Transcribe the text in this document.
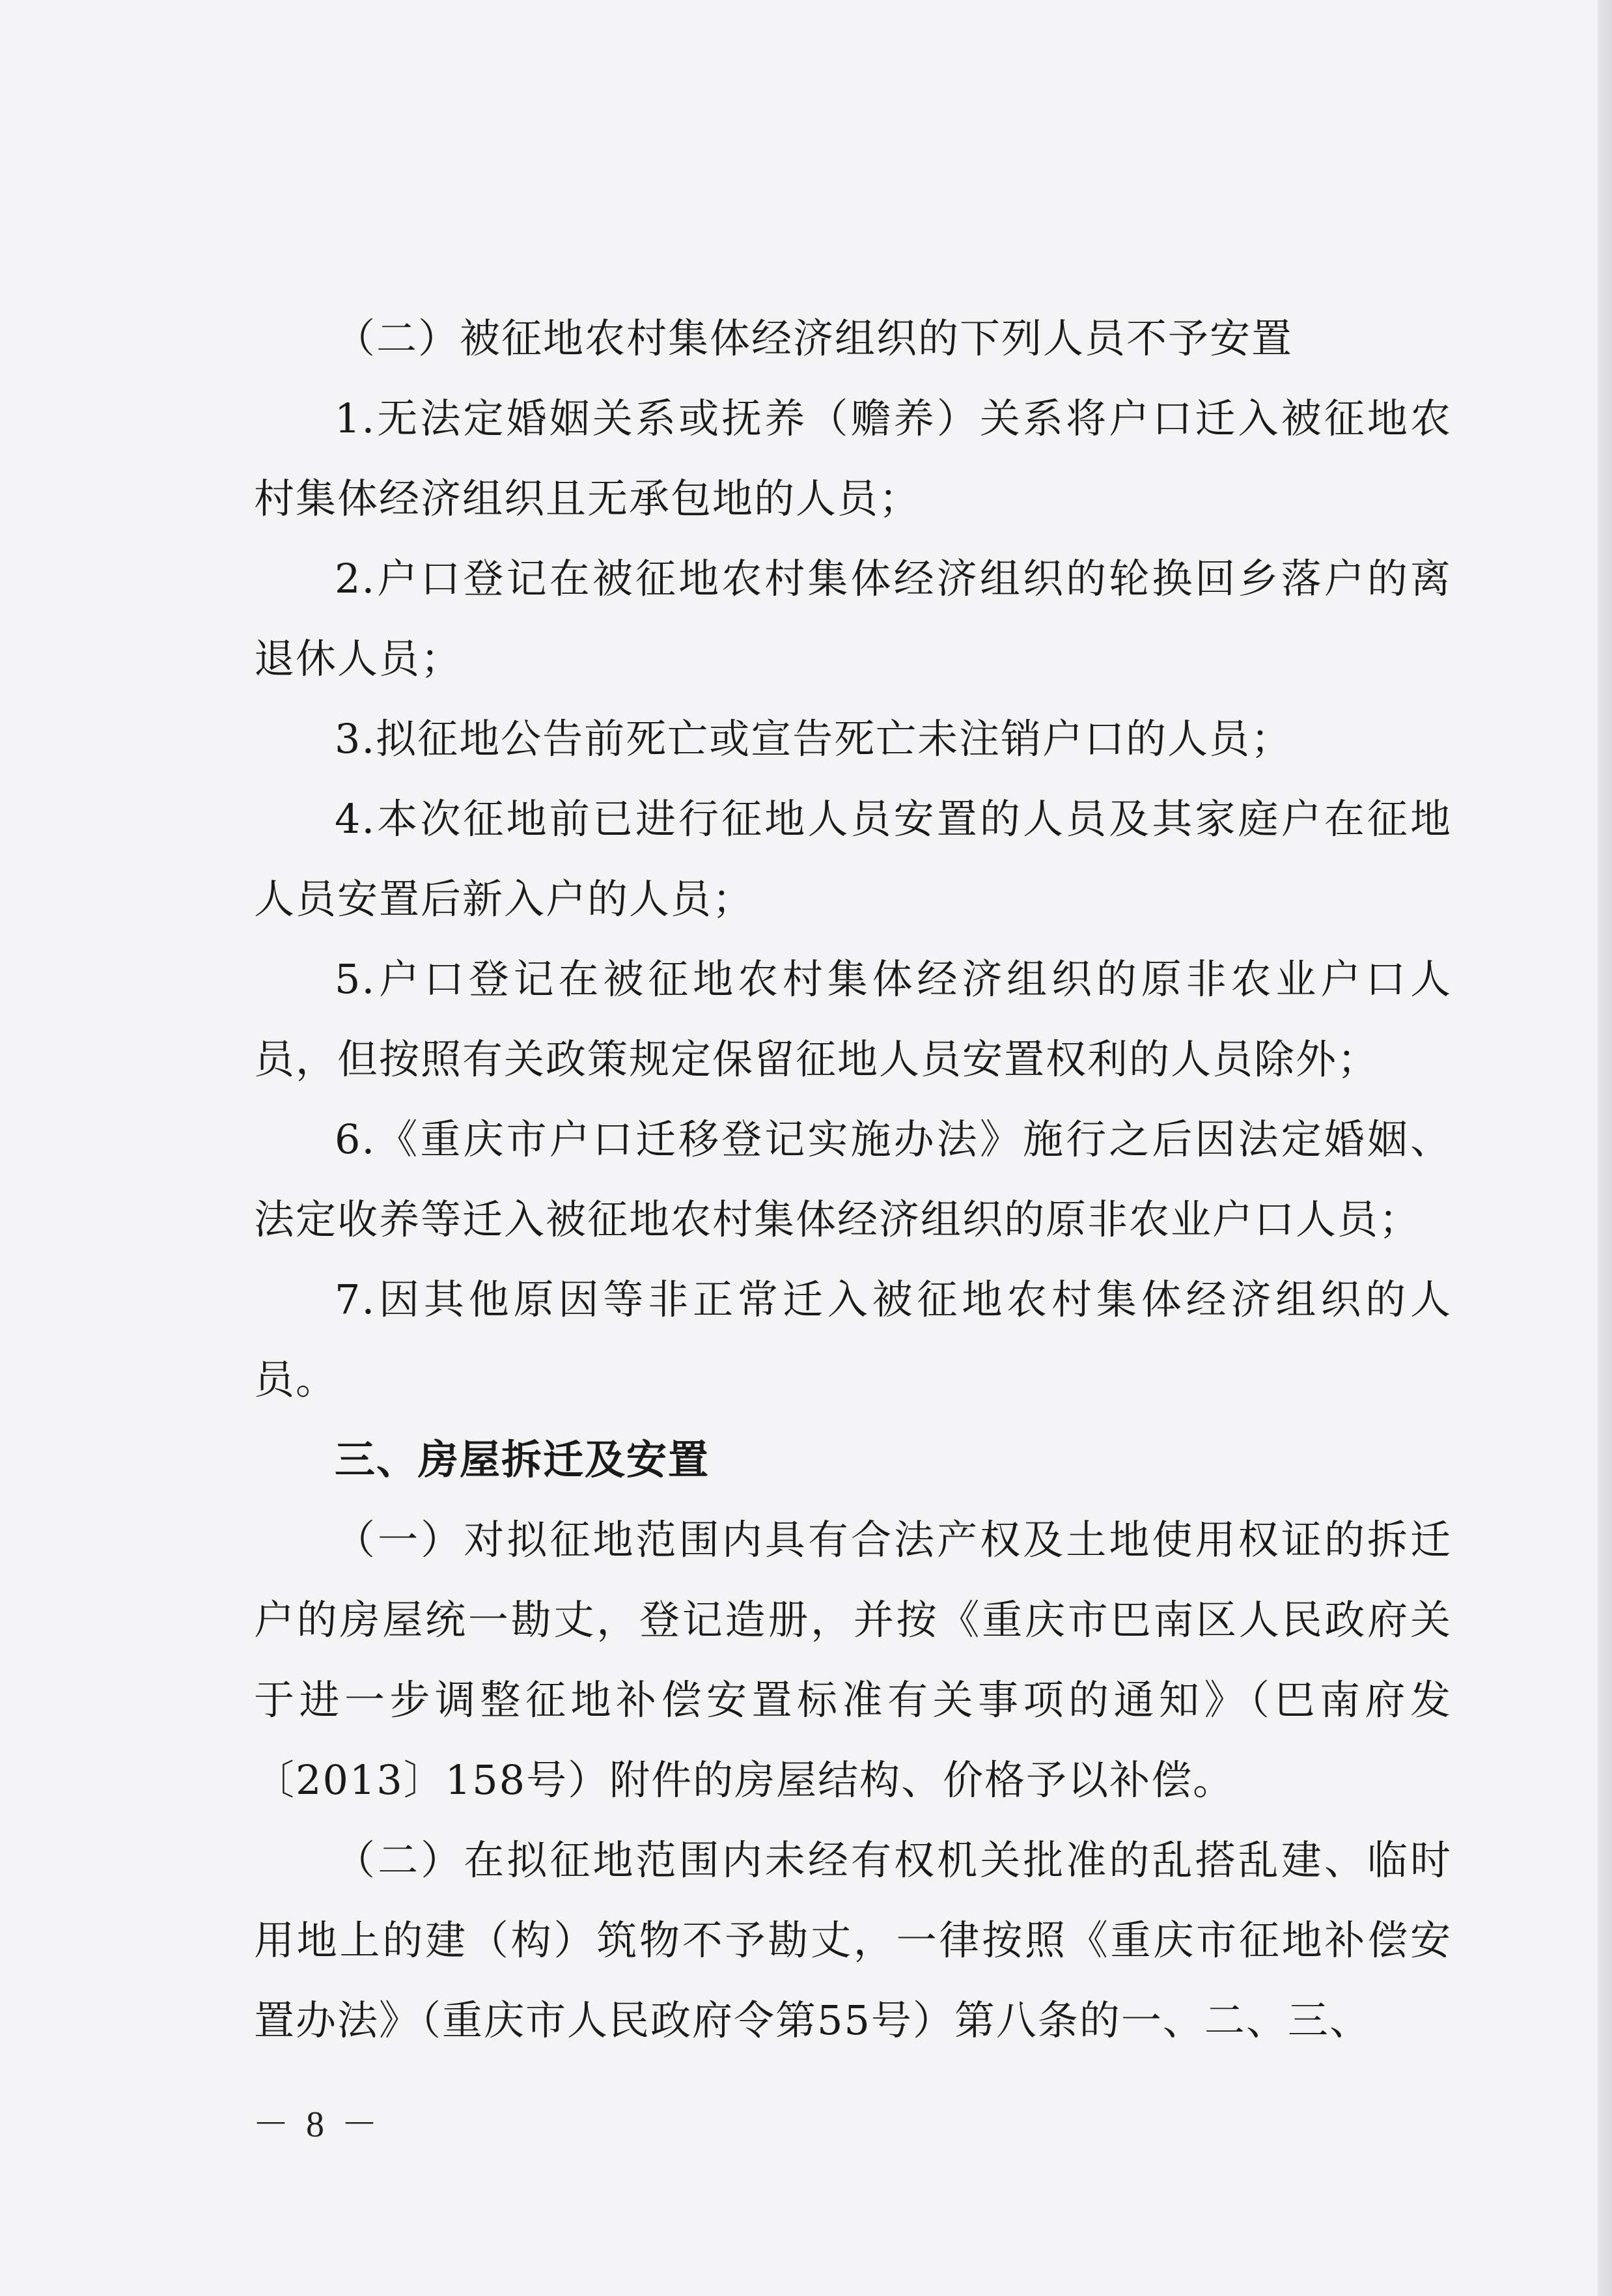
（二）被征地农村集体经济组织的下列人员不予安置

1.无法定婚姻关系或抚养（赡养）关系将户口迁入被征地农村集体经济组织且无承包地的人员；

2.户口登记在被征地农村集体经济组织的轮换回乡落户的离退休人员；

3.拟征地公告前死亡或宣告死亡未注销户口的人员；

4.本次征地前已进行征地人员安置的人员及其家庭户在征地人员安置后新入户的人员；

5.户口登记在被征地农村集体经济组织的原非农业户口人员，但按照有关政策规定保留征地人员安置权利的人员除外；

6.《重庆市户口迁移登记实施办法》施行之后因法定婚姻、法定收养等迁入被征地农村集体经济组织的原非农业户口人员；

7.因其他原因等非正常迁入被征地农村集体经济组织的人员。

三、房屋拆迁及安置

（一）对拟征地范围内具有合法产权及土地使用权证的拆迁户的房屋统一勘丈，登记造册，并按《重庆市巴南区人民政府关于进一步调整征地补偿安置标准有关事项的通知》（巴南府发〔2013〕158号）附件的房屋结构、价格予以补偿。

（二）在拟征地范围内未经有权机关批准的乱搭乱建、临时用地上的建（构）筑物不予勘丈，一律按照《重庆市征地补偿安置办法》（重庆市人民政府令第55号）第八条的一、二、三、

－ 8 －
